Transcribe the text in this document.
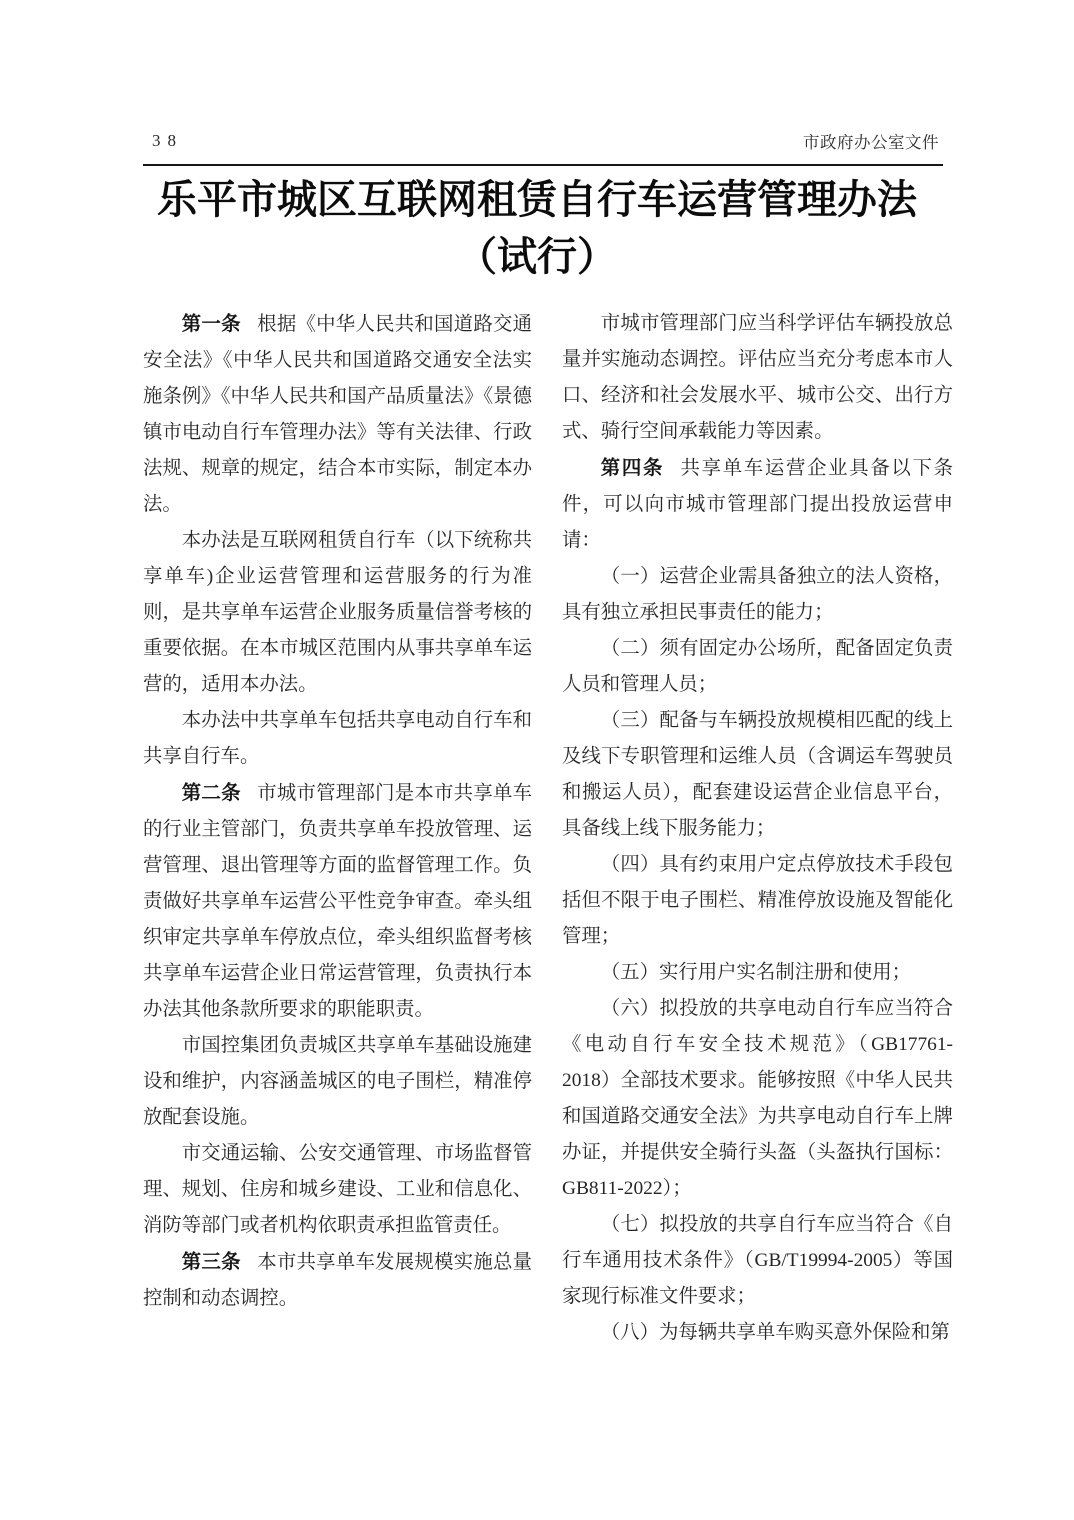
38	市政府办公室文件
乐平市城区互联网租赁自行车运营管理办法
（试行）

第一条 根据《中华人民共和国道路交通安全法》《中华人民共和国道路交通安全法实施条例》《中华人民共和国产品质量法》《景德镇市电动自行车管理办法》等有关法律、行政法规、规章的规定，结合本市实际，制定本办法。

本办法是互联网租赁自行车（以下统称共享单车)企业运营管理和运营服务的行为准则，是共享单车运营企业服务质量信誉考核的重要依据。在本市城区范围内从事共享单车运营的，适用本办法。

本办法中共享单车包括共享电动自行车和共享自行车。

第二条 市城市管理部门是本市共享单车的行业主管部门，负责共享单车投放管理、运营管理、退出管理等方面的监督管理工作。负责做好共享单车运营公平性竞争审查。牵头组织审定共享单车停放点位，牵头组织监督考核共享单车运营企业日常运营管理，负责执行本办法其他条款所要求的职能职责。

市国控集团负责城区共享单车基础设施建设和维护，内容涵盖城区的电子围栏，精准停放配套设施。

市交通运输、公安交通管理、市场监督管理、规划、住房和城乡建设、工业和信息化、消防等部门或者机构依职责承担监管责任。

第三条 本市共享单车发展规模实施总量控制和动态调控。

市城市管理部门应当科学评估车辆投放总量并实施动态调控。评估应当充分考虑本市人口、经济和社会发展水平、城市公交、出行方式、骑行空间承载能力等因素。

第四条 共享单车运营企业具备以下条件，可以向市城市管理部门提出投放运营申请：

（一）运营企业需具备独立的法人资格，具有独立承担民事责任的能力；

（二）须有固定办公场所，配备固定负责人员和管理人员；

（三）配备与车辆投放规模相匹配的线上及线下专职管理和运维人员（含调运车驾驶员和搬运人员），配套建设运营企业信息平台，具备线上线下服务能力；

（四）具有约束用户定点停放技术手段包括但不限于电子围栏、精准停放设施及智能化管理；

（五）实行用户实名制注册和使用；

（六）拟投放的共享电动自行车应当符合《电动自行车安全技术规范》（GB17761-2018）全部技术要求。能够按照《中华人民共和国道路交通安全法》为共享电动自行车上牌办证，并提供安全骑行头盔（头盔执行国标：GB811-2022）；

（七）拟投放的共享自行车应当符合《自行车通用技术条件》（GB/T19994-2005）等国家现行标准文件要求；

（八）为每辆共享单车购买意外保险和第
